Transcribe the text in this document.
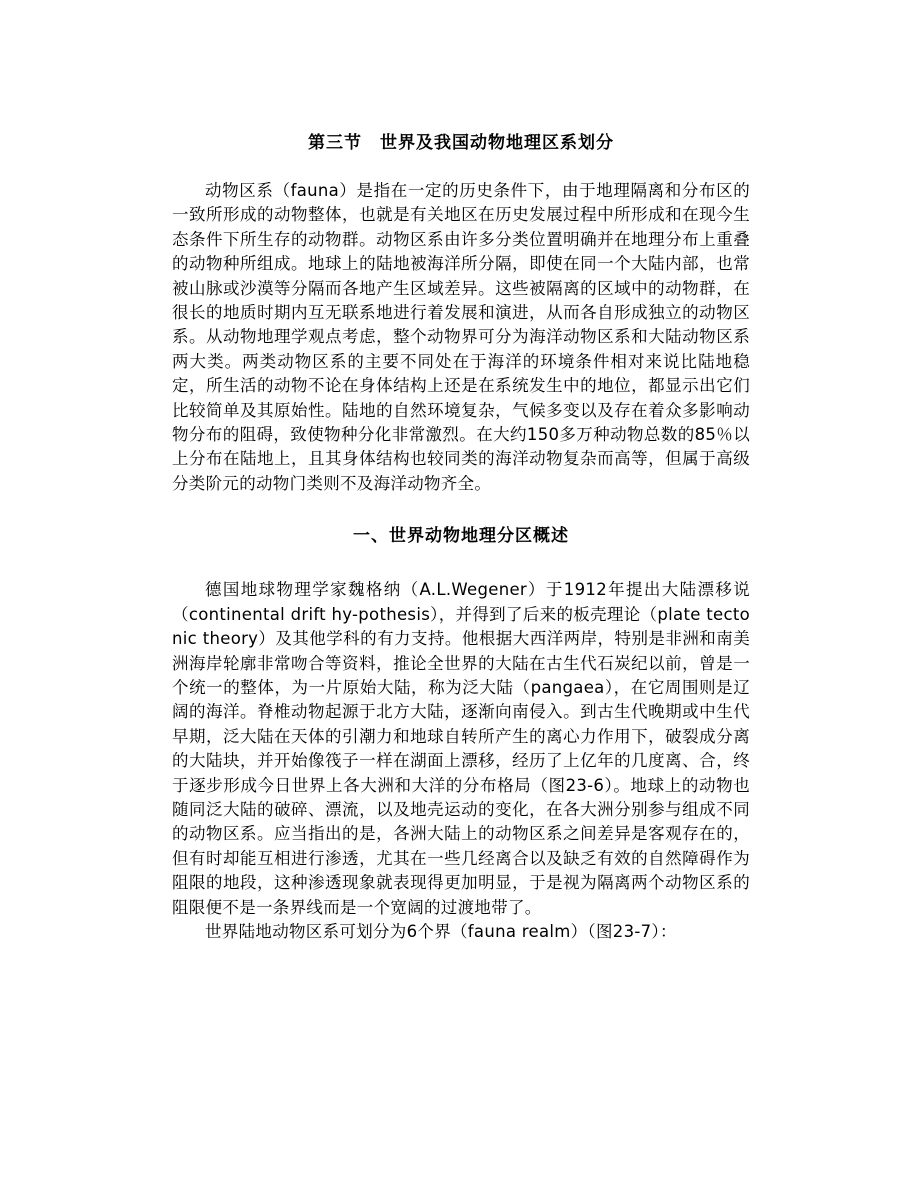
第三节　世界及我国动物地理区系划分

动物区系（fauna）是指在一定的历史条件下，由于地理隔离和分布区的一致所形成的动物整体，也就是有关地区在历史发展过程中所形成和在现今生态条件下所生存的动物群。动物区系由许多分类位置明确并在地理分布上重叠的动物种所组成。地球上的陆地被海洋所分隔，即使在同一个大陆内部，也常被山脉或沙漠等分隔而各地产生区域差异。这些被隔离的区域中的动物群，在很长的地质时期内互无联系地进行着发展和演进，从而各自形成独立的动物区系。从动物地理学观点考虑，整个动物界可分为海洋动物区系和大陆动物区系两大类。两类动物区系的主要不同处在于海洋的环境条件相对来说比陆地稳定，所生活的动物不论在身体结构上还是在系统发生中的地位，都显示出它们比较简单及其原始性。陆地的自然环境复杂，气候多变以及存在着众多影响动物分布的阻碍，致使物种分化非常激烈。在大约150多万种动物总数的85％以上分布在陆地上，且其身体结构也较同类的海洋动物复杂而高等，但属于高级分类阶元的动物门类则不及海洋动物齐全。

一、世界动物地理分区概述

德国地球物理学家魏格纳（A.L.Wegener）于1912年提出大陆漂移说（continental drift hy-pothesis），并得到了后来的板壳理论（plate tectonic theory）及其他学科的有力支持。他根据大西洋两岸，特别是非洲和南美洲海岸轮廓非常吻合等资料，推论全世界的大陆在古生代石炭纪以前，曾是一个统一的整体，为一片原始大陆，称为泛大陆（pangaea），在它周围则是辽阔的海洋。脊椎动物起源于北方大陆，逐渐向南侵入。到古生代晚期或中生代早期，泛大陆在天体的引潮力和地球自转所产生的离心力作用下，破裂成分离的大陆块，并开始像筏子一样在湖面上漂移，经历了上亿年的几度离、合，终于逐步形成今日世界上各大洲和大洋的分布格局（图23-6）。地球上的动物也随同泛大陆的破碎、漂流，以及地壳运动的变化，在各大洲分别参与组成不同的动物区系。应当指出的是，各洲大陆上的动物区系之间差异是客观存在的，但有时却能互相进行渗透，尤其在一些几经离合以及缺乏有效的自然障碍作为阻限的地段，这种渗透现象就表现得更加明显，于是视为隔离两个动物区系的阻限便不是一条界线而是一个宽阔的过渡地带了。

世界陆地动物区系可划分为6个界（fauna realm）（图23-7）：
